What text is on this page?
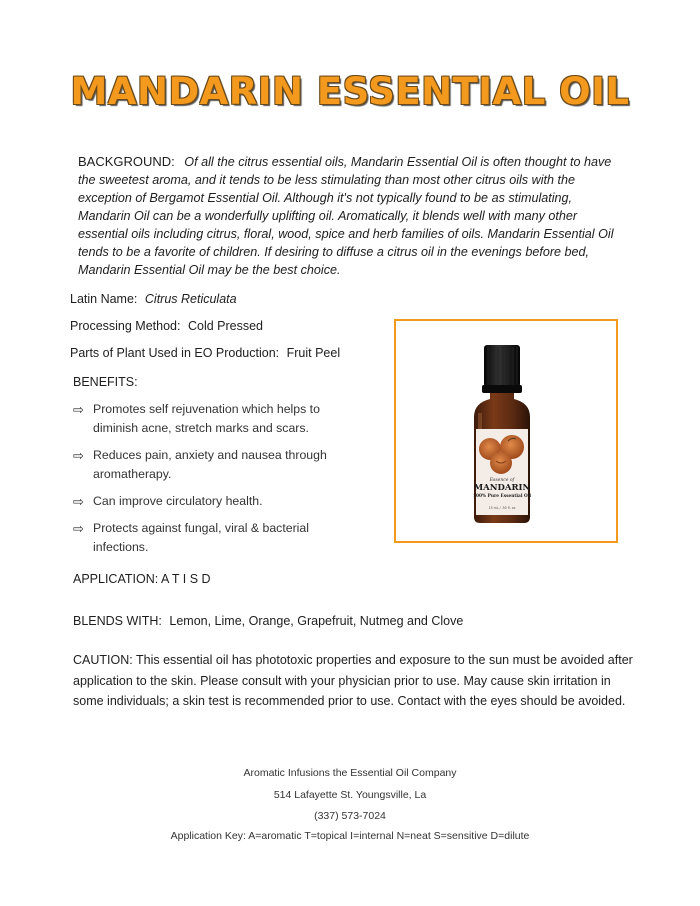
MANDARIN ESSENTIAL OIL
BACKGROUND: Of all the citrus essential oils, Mandarin Essential Oil is often thought to have the sweetest aroma, and it tends to be less stimulating than most other citrus oils with the exception of Bergamot Essential Oil. Although it's not typically found to be as stimulating, Mandarin Oil can be a wonderfully uplifting oil. Aromatically, it blends well with many other essential oils including citrus, floral, wood, spice and herb families of oils. Mandarin Essential Oil tends to be a favorite of children. If desiring to diffuse a citrus oil in the evenings before bed, Mandarin Essential Oil may be the best choice.
Latin Name: Citrus Reticulata
Processing Method: Cold Pressed
Parts of Plant Used in EO Production: Fruit Peel
BENEFITS:
⇨ Promotes self rejuvenation which helps to diminish acne, stretch marks and scars.
⇨ Reduces pain, anxiety and nausea through aromatherapy.
⇨ Can improve circulatory health.
⇨ Protects against fungal, viral & bacterial infections.
Essence of
MANDARIN
100% Pure Essential Oil
15 mL / .50 fl. oz
APPLICATION: A T I S D
BLENDS WITH: Lemon, Lime, Orange, Grapefruit, Nutmeg and Clove
CAUTION: This essential oil has phototoxic properties and exposure to the sun must be avoided after application to the skin. Please consult with your physician prior to use. May cause skin irritation in some individuals; a skin test is recommended prior to use. Contact with the eyes should be avoided.
Aromatic Infusions the Essential Oil Company
514 Lafayette St. Youngsville, La
(337) 573-7024
Application Key: A=aromatic T=topical I=internal N=neat S=sensitive D=dilute
